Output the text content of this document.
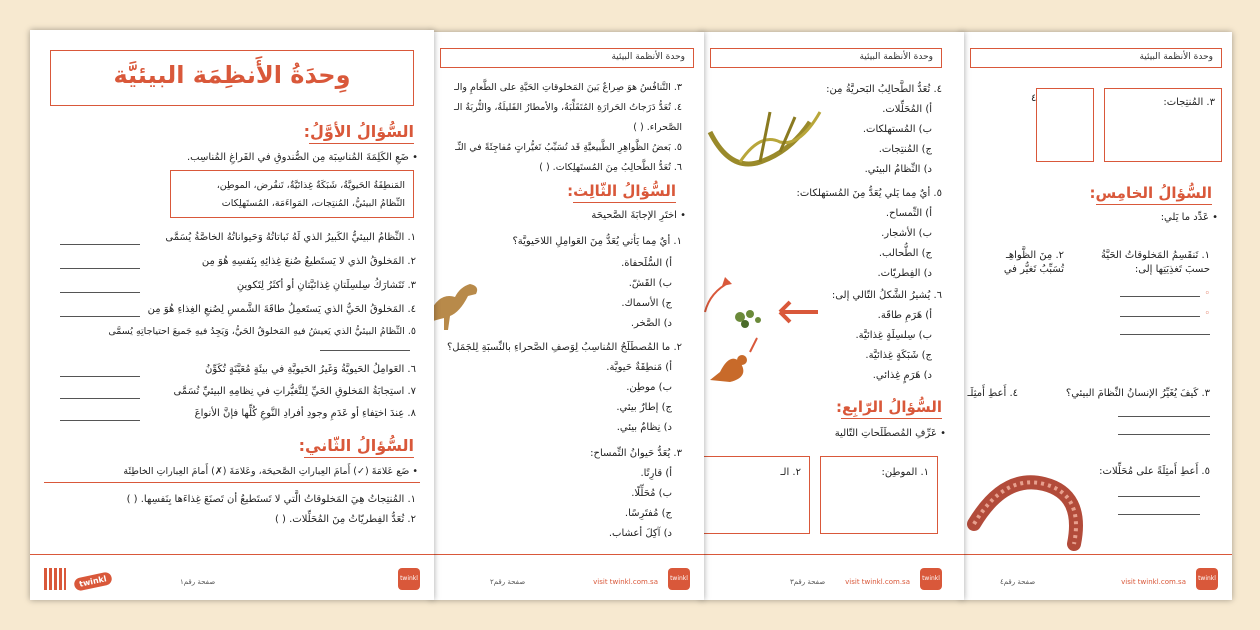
وحدة الأنظمة البيئية
٣. المُنتِجات:
٤
السُّؤالُ الخامِس:
• عَدِّد ما يَلي:
١. تَنقَسِمُ المَخلوقاتُ الحَيَّةُ
حسبَ تَغذِيَتِها إلى:
٢. مِنَ الظَّواهِـ
تُسَبِّبُ تَغيُّر في
◦
◦
٣. كَيفَ يُغَيِّرُ الإنسانُ النِّظامَ البيئي؟
٤. أَعطِ أَمثِلَـ
٥. أَعطِ أَمثِلَةً على مُحَلِّلات:
twinkl
visit twinkl.com.sa
صفحة رقم٤
وحدة الأنظمة البيئية
٤. تُعَدُّ الطَّحالِبُ البَحريَّةُ مِن:
أ) المُحَلِّلات.
ب) المُستهلكات.
ج) المُنتِجات.
د) النِّظامُ البيئي.
٥. أيٌ مِما يَلي يُعَدُّ مِنَ المُستهلكات:
أ) التِّمساح.
ب) الأشجار.
ج) الطُّحالب.
د) الفِطريّات.
٦. يُشيرُ الشَّكلُ التّالي إلى:
أ) هَرَمِ طاقَة.
ب) سِلسِلَةٍ غِذائيَّة.
ج) شَبَكَةٍ غِذائيَّة.
د) هَرَمٍ غِذائي.
السُّؤالُ الرّابِع:
• عَرِّفِ المُصطَلَحاتِ التّالية
١. الموطِن:
٢. الـ
twinkl
visit twinkl.com.sa
صفحة رقم٣
وحدة الأنظمة البيئية
٣. التَّنافُسُ هوَ صِراعٌ بَينَ المَخلوقاتِ الحَيَّةِ على الطَّعامِ والـ
٤. تُعَدُّ دَرَجاتُ الحَرارَةِ المُتَقَلِّبَةُ، والأمطارُ القَليلَةُ، والتُّربَةُ الـ
الصَّحراء. ( )
٥. بَعضُ الظَّواهِرِ الطَّبيعيَّةِ قَد تُسَبِّبُ تَغيُّراتٍ مُفاجِئَةً في النِّـ
٦. تُعَدُّ الطَّحالِبُ مِنَ المُستَهلِكات. ( )
السُّؤالُ الثّالِث:
• اختَرِ الإجابَةَ الصَّحيحَة
١. أيٌ مِما يَأتي يُعَدُّ مِنَ العَوامِلِ اللاحَيويَّة؟
أ) السُّلَحفاة.
ب) القَشّ.
ج) الأسماك.
د) الصَّخر.
٢. ما المُصطَلَحُ المُناسِبُ لِوَصفِ الصَّحراءِ بالنِّسبَةِ لِلجَمَل؟
أ) مَنطِقَةٌ حَيويَّة.
ب) موطِن.
ج) إطارٌ بيئي.
د) نِظامٌ بيئي.
٣. يُعَدُّ حَيوانُ التِّمساح:
أ) قارِتًا.
ب) مُحَلِّلًا.
ج) مُفتَرِسًا.
د) آكِلَ أعشاب.
twinkl
visit twinkl.com.sa
صفحة رقم٢
وِحدَةُ الأَنظِمَة البيئيَّة
السُّؤالُ الأوَّلُ:
• ضَعِ الكَلِمَةَ المُناسِبَة مِن الصُّندوقِ في الفَراغِ المُناسِب.
المَنطِقَةُ الحَيويَّةُ، شَبَكَةٌ غِذائيَّةٌ، تَنقُرض، الموطِن،
النِّظامُ البيئيُّ، المُنتِجات، المَواءَمَة، المُستَهلِكات
١. النِّظامُ البيئيُّ الكَبيرُ الذي لَهُ نَباتاتُهُ وَحَيواناتُهُ الخاصَّةُ يُسَمَّى
٢. المَخلوقُ الذي لا يَستَطيعُ صُنعَ غِذائِهِ بِنَفسِهِ هُوَ مِن
٣. تَتَشارَكُ سِلسِلَتانِ غِذائيَّتانِ أو أكثَرُ لِتَكوينِ
٤. المَخلوقُ الحَيُّ الذي يَستَعمِلُ طاقَةَ الشَّمسِ لِصُنعِ الغِذاءِ هُوَ مِن
٥. النِّظامُ البيئيُّ الذي يَعيشُ فيهِ المَخلوقُ الحَيُّ، وَيَجِدُ فيهِ جَميعَ احتياجاتِهِ يُسمَّى
٦. العَوامِلُ الحَيويَّةُ وَغَيرُ الحَيويَّةِ في بيئَةٍ مُعَيَّنَةٍ تُكَوِّنُ
٧. استِجابَةُ المَخلوقِ الحَيِّ لِلتَّغيُّراتِ في نِظامِهِ البيئيِّ تُسَمَّى
٨. عِندَ اختِفاءِ أو عَدَمِ وجودِ أفرادِ النَّوعِ كُلِّها فإنَّ الأنواعَ
السُّؤالُ الثّاني:
• ضَع عَلامَةَ (✓) أَمامَ العِباراتِ الصَّحيحَة، وعَلامَةَ (✗) أَمامَ العِباراتِ الخاطِئَة
١. المُنتِجاتُ هِيَ المَخلوقاتُ الَّتي لا تَستَطيعُ أن تَصنَعَ غِذاءَها بِنَفسِها. ( )
٢. تُعَدُّ الفِطريّاتُ مِنَ المُحَلِّلات. ( )
twinkl
صفحة رقم١
twinkl
